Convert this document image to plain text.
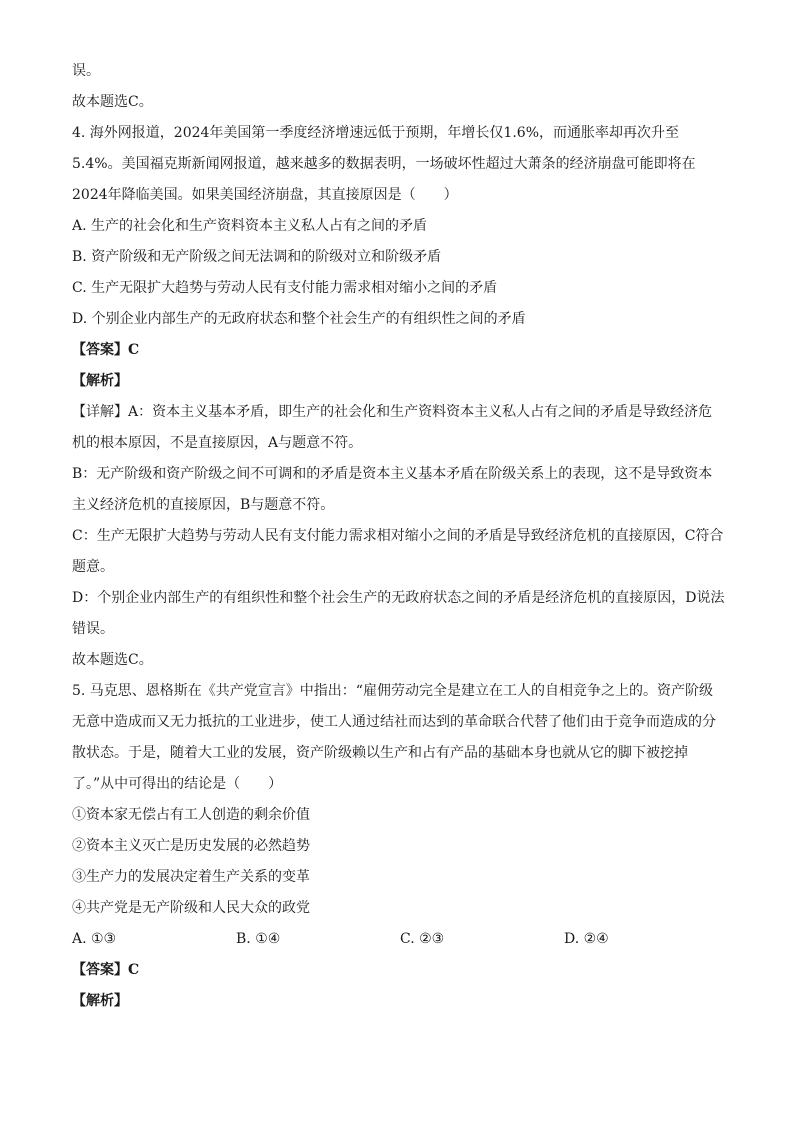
误。
故本题选C。
4. 海外网报道，2024年美国第一季度经济增速远低于预期，年增长仅1.6%，而通胀率却再次升至
5.4%。美国福克斯新闻网报道，越来越多的数据表明，一场破坏性超过大萧条的经济崩盘可能即将在
2024年降临美国。如果美国经济崩盘，其直接原因是（　　）
A. 生产的社会化和生产资料资本主义私人占有之间的矛盾
B. 资产阶级和无产阶级之间无法调和的阶级对立和阶级矛盾
C. 生产无限扩大趋势与劳动人民有支付能力需求相对缩小之间的矛盾
D. 个别企业内部生产的无政府状态和整个社会生产的有组织性之间的矛盾
【答案】C
【解析】
【详解】A：资本主义基本矛盾，即生产的社会化和生产资料资本主义私人占有之间的矛盾是导致经济危
机的根本原因，不是直接原因，A与题意不符。
B：无产阶级和资产阶级之间不可调和的矛盾是资本主义基本矛盾在阶级关系上的表现，这不是导致资本
主义经济危机的直接原因，B与题意不符。
C：生产无限扩大趋势与劳动人民有支付能力需求相对缩小之间的矛盾是导致经济危机的直接原因，C符合
题意。
D：个别企业内部生产的有组织性和整个社会生产的无政府状态之间的矛盾是经济危机的直接原因，D说法
错误。
故本题选C。
5. 马克思、恩格斯在《共产党宣言》中指出：“雇佣劳动完全是建立在工人的自相竞争之上的。资产阶级
无意中造成而又无力抵抗的工业进步，使工人通过结社而达到的革命联合代替了他们由于竞争而造成的分
散状态。于是，随着大工业的发展，资产阶级赖以生产和占有产品的基础本身也就从它的脚下被挖掉
了。”从中可得出的结论是（　　）
①资本家无偿占有工人创造的剩余价值
②资本主义灭亡是历史发展的必然趋势
③生产力的发展决定着生产关系的变革
④共产党是无产阶级和人民大众的政党
A. ①③	B. ①④	C. ②③	D. ②④
【答案】C
【解析】
